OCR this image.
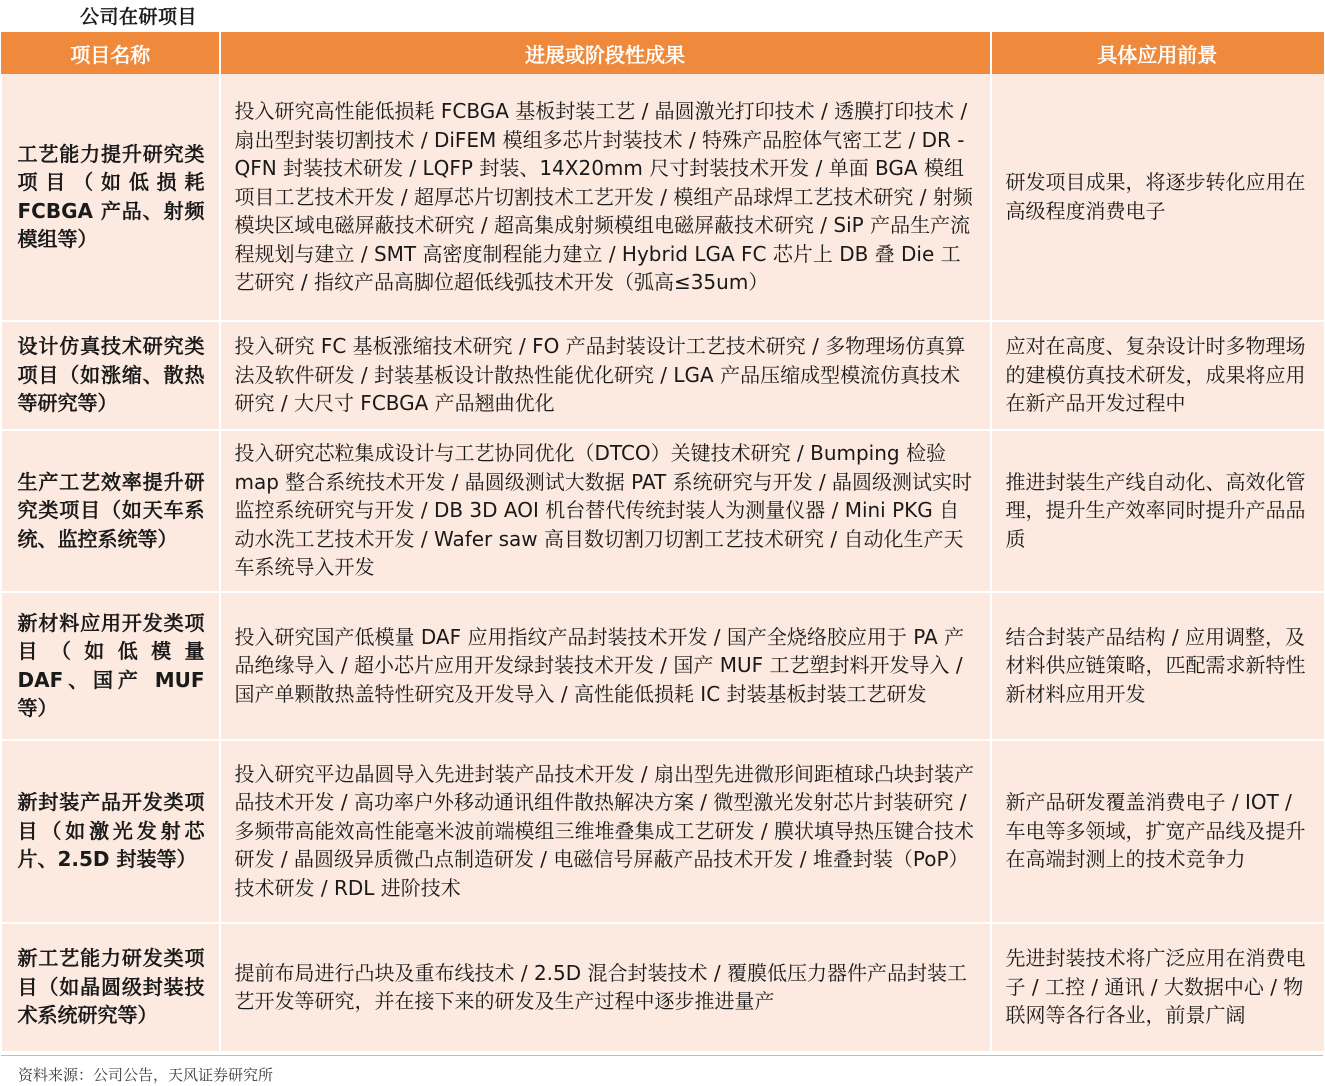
公司在研项目
项目名称	进展或阶段性成果	具体应用前景
工艺能力提升研究类项目（如低损耗 FCBGA 产品、射频模组等）	投入研究高性能低损耗 FCBGA 基板封装工艺 / 晶圆激光打印技术 / 透膜打印技术 / 扇出型封装切割技术 / DiFEM 模组多芯片封装技术 / 特殊产品腔体气密工艺 / DR - QFN 封装技术研发 / LQFP 封装、14X20mm 尺寸封装技术开发 / 单面 BGA 模组项目工艺技术开发 / 超厚芯片切割技术工艺开发 / 模组产品球焊工艺技术研究 / 射频模块区域电磁屏蔽技术研究 / 超高集成射频模组电磁屏蔽技术研究 / SiP 产品生产流程规划与建立 / SMT 高密度制程能力建立 / Hybrid LGA FC 芯片上 DB 叠 Die 工艺研究 / 指纹产品高脚位超低线弧技术开发（弧高≤35um）	研发项目成果，将逐步转化应用在高级程度消费电子
设计仿真技术研究类项目（如涨缩、散热等研究等）	投入研究 FC 基板涨缩技术研究 / FO 产品封装设计工艺技术研究 / 多物理场仿真算法及软件研发 / 封装基板设计散热性能优化研究 / LGA 产品压缩成型模流仿真技术研究 / 大尺寸 FCBGA 产品翘曲优化	应对在高度、复杂设计时多物理场的建模仿真技术研发，成果将应用在新产品开发过程中
生产工艺效率提升研究类项目（如天车系统、监控系统等）	投入研究芯粒集成设计与工艺协同优化（DTCO）关键技术研究 / Bumping 检验 map 整合系统技术开发 / 晶圆级测试大数据 PAT 系统研究与开发 / 晶圆级测试实时监控系统研究与开发 / DB 3D AOI 机台替代传统封装人为测量仪器 / Mini PKG 自动水洗工艺技术开发 / Wafer saw 高目数切割刀切割工艺技术研究 / 自动化生产天车系统导入开发	推进封装生产线自动化、高效化管理，提升生产效率同时提升产品品质
新材料应用开发类项目（如低模量 DAF、国产 MUF 等）	投入研究国产低模量 DAF 应用指纹产品封装技术开发 / 国产全烧络胶应用于 PA 产品绝缘导入 / 超小芯片应用开发绿封装技术开发 / 国产 MUF 工艺塑封料开发导入 / 国产单颗散热盖特性研究及开发导入 / 高性能低损耗 IC 封装基板封装工艺研发	结合封装产品结构 / 应用调整，及材料供应链策略，匹配需求新特性新材料应用开发
新封装产品开发类项目（如激光发射芯片、2.5D 封装等）	投入研究平边晶圆导入先进封装产品技术开发 / 扇出型先进微形间距植球凸块封装产品技术开发 / 高功率户外移动通讯组件散热解决方案 / 微型激光发射芯片封装研究 / 多频带高能效高性能毫米波前端模组三维堆叠集成工艺研发 / 膜状填导热压键合技术研发 / 晶圆级异质微凸点制造研发 / 电磁信号屏蔽产品技术开发 / 堆叠封装（PoP）技术研发 / RDL 进阶技术	新产品研发覆盖消费电子 / IOT / 车电等多领域，扩宽产品线及提升在高端封测上的技术竞争力
新工艺能力研发类项目（如晶圆级封装技术系统研究等）	提前布局进行凸块及重布线技术 / 2.5D 混合封装技术 / 覆膜低压力器件产品封装工艺开发等研究，并在接下来的研发及生产过程中逐步推进量产	先进封装技术将广泛应用在消费电子 / 工控 / 通讯 / 大数据中心 / 物联网等各行各业，前景广阔
资料来源：公司公告，天风证券研究所
